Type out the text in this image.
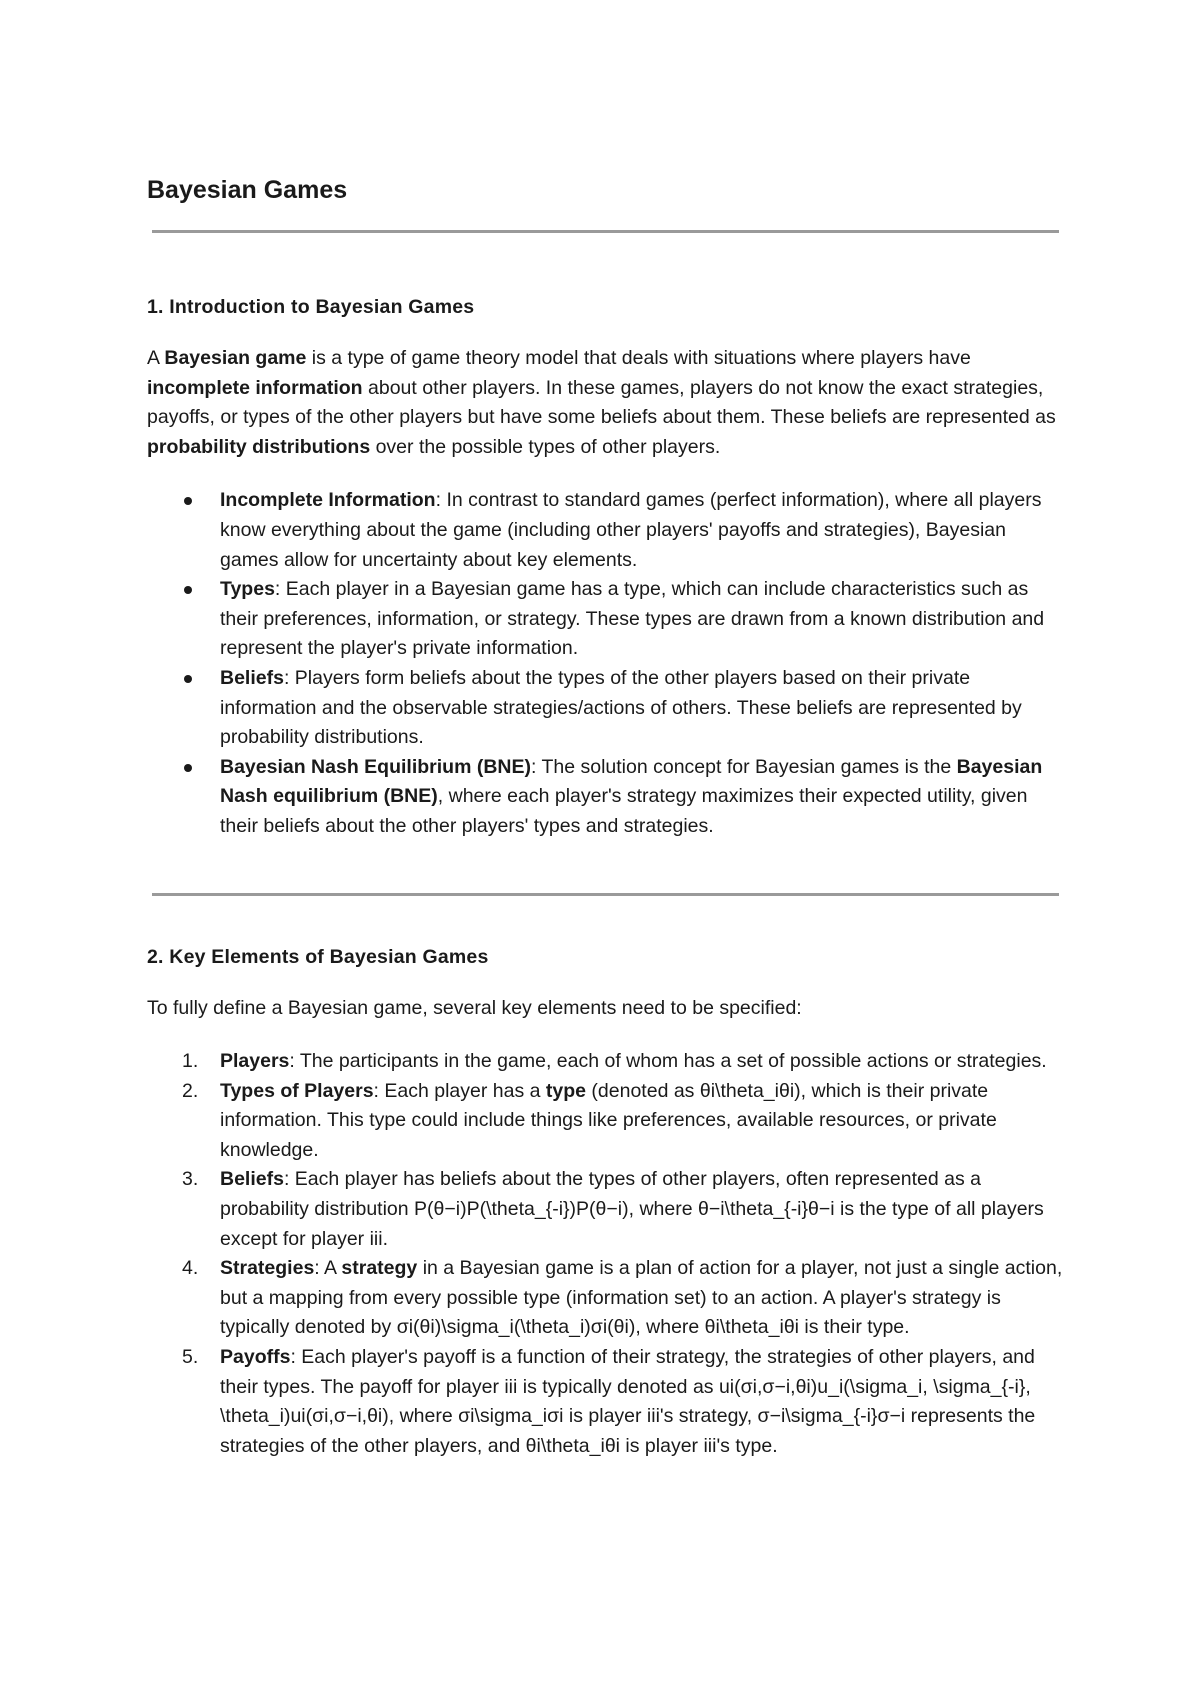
Bayesian Games
1. Introduction to Bayesian Games

A Bayesian game is a type of game theory model that deals with situations where players have incomplete information about other players. In these games, players do not know the exact strategies, payoffs, or types of the other players but have some beliefs about them. These beliefs are represented as probability distributions over the possible types of other players.

Incomplete Information: In contrast to standard games (perfect information), where all players know everything about the game (including other players' payoffs and strategies), Bayesian games allow for uncertainty about key elements.
Types: Each player in a Bayesian game has a type, which can include characteristics such as their preferences, information, or strategy. These types are drawn from a known distribution and represent the player's private information.
Beliefs: Players form beliefs about the types of the other players based on their private information and the observable strategies/actions of others. These beliefs are represented by probability distributions.
Bayesian Nash Equilibrium (BNE): The solution concept for Bayesian games is the Bayesian Nash equilibrium (BNE), where each player's strategy maximizes their expected utility, given their beliefs about the other players' types and strategies.
2. Key Elements of Bayesian Games

To fully define a Bayesian game, several key elements need to be specified:

1. Players: The participants in the game, each of whom has a set of possible actions or strategies.
2. Types of Players: Each player has a type (denoted as θi\theta_iθi), which is their private information. This type could include things like preferences, available resources, or private knowledge.
3. Beliefs: Each player has beliefs about the types of other players, often represented as a probability distribution P(θ−i)P(\theta_{-i})P(θ−i), where θ−i\theta_{-i}θ−i is the type of all players except for player iii.
4. Strategies: A strategy in a Bayesian game is a plan of action for a player, not just a single action, but a mapping from every possible type (information set) to an action. A player's strategy is typically denoted by σi(θi)\sigma_i(\theta_i)σi(θi), where θi\theta_iθi is their type.
5. Payoffs: Each player's payoff is a function of their strategy, the strategies of other players, and their types. The payoff for player iii is typically denoted as ui(σi,σ−i,θi)u_i(\sigma_i, \sigma_{-i}, \theta_i)ui(σi,σ−i,θi), where σi\sigma_iσi is player iii's strategy, σ−i\sigma_{-i}σ−i represents the strategies of the other players, and θi\theta_iθi is player iii's type.
